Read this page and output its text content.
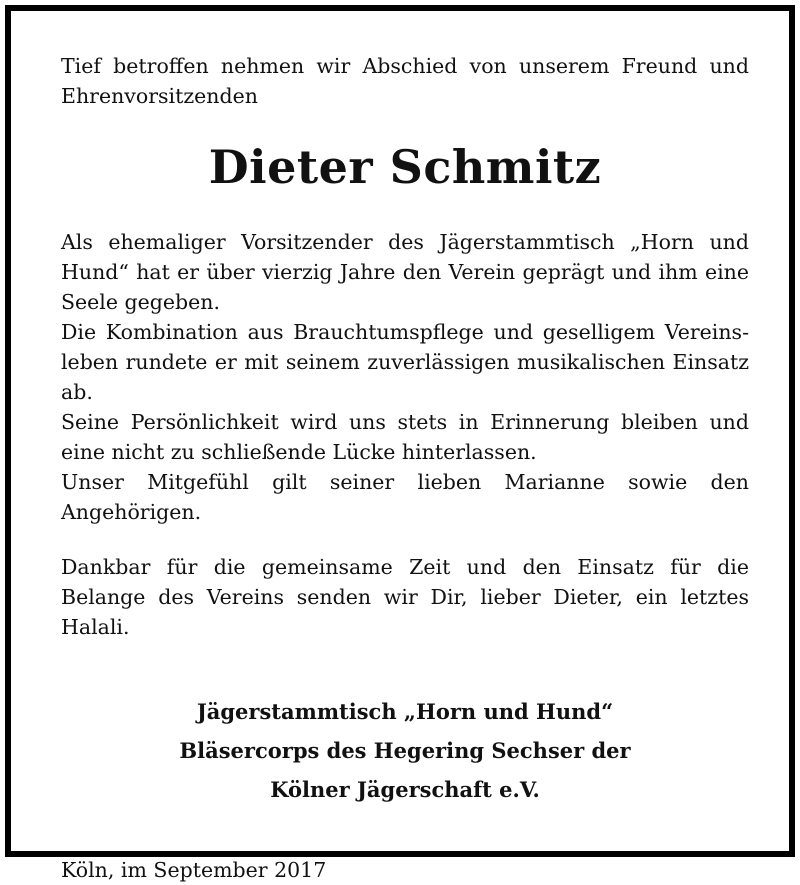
Tief betroffen nehmen wir Abschied von unserem Freund und Ehrenvorsitzenden

Dieter Schmitz

Als ehemaliger Vorsitzender des Jägerstammtisch „Horn und Hund“ hat er über vierzig Jahre den Verein geprägt und ihm eine Seele gegeben.

Die Kombination aus Brauchtumspflege und geselligem Vereinsleben rundete er mit seinem zuverlässigen musikalischen Einsatz ab.

Seine Persönlichkeit wird uns stets in Erinnerung bleiben und eine nicht zu schließende Lücke hinterlassen.

Unser Mitgefühl gilt seiner lieben Marianne sowie den Angehörigen.

Dankbar für die gemeinsame Zeit und den Einsatz für die Belange des Vereins senden wir Dir, lieber Dieter, ein letztes Halali.

Jägerstammtisch „Horn und Hund“
Bläsercorps des Hegering Sechser der
Kölner Jägerschaft e.V.

Köln, im September 2017
